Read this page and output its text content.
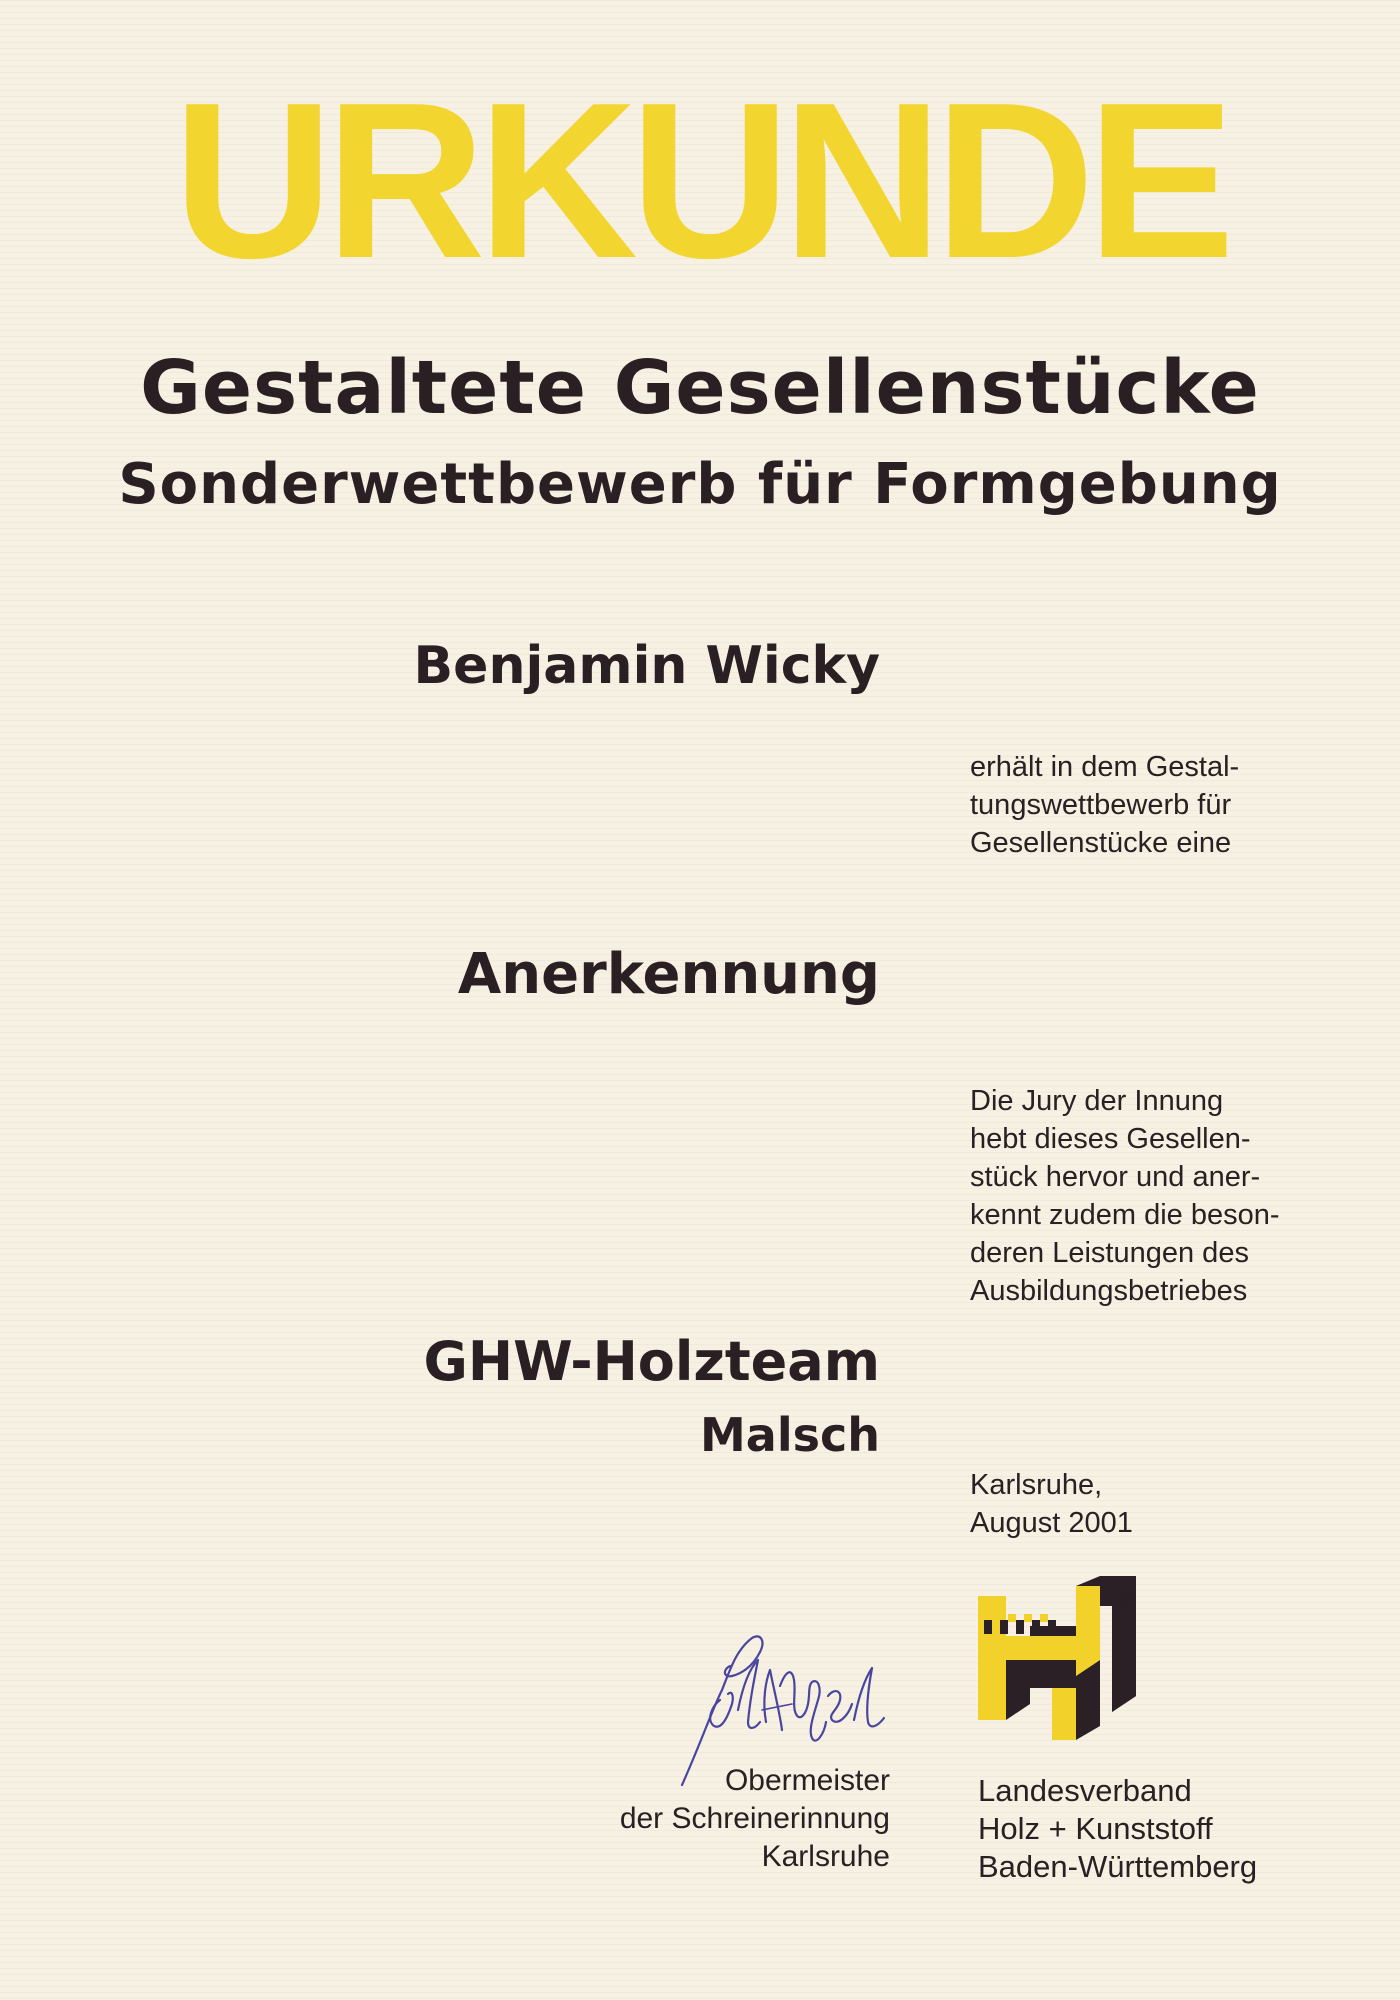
URKUNDE
Gestaltete Gesellenstücke
Sonderwettbewerb für Formgebung
Benjamin Wicky
erhält in dem Gestal-
tungswettbewerb für
Gesellenstücke eine
Anerkennung
Die Jury der Innung
hebt dieses Gesellen-
stück hervor und aner-
kennt zudem die beson-
deren Leistungen des
Ausbildungsbetriebes
GHW-Holzteam
Malsch
Karlsruhe,
August 2001
Obermeister
der Schreinerinnung
Karlsruhe
®
Landesverband
Holz + Kunststoff
Baden-Württemberg
